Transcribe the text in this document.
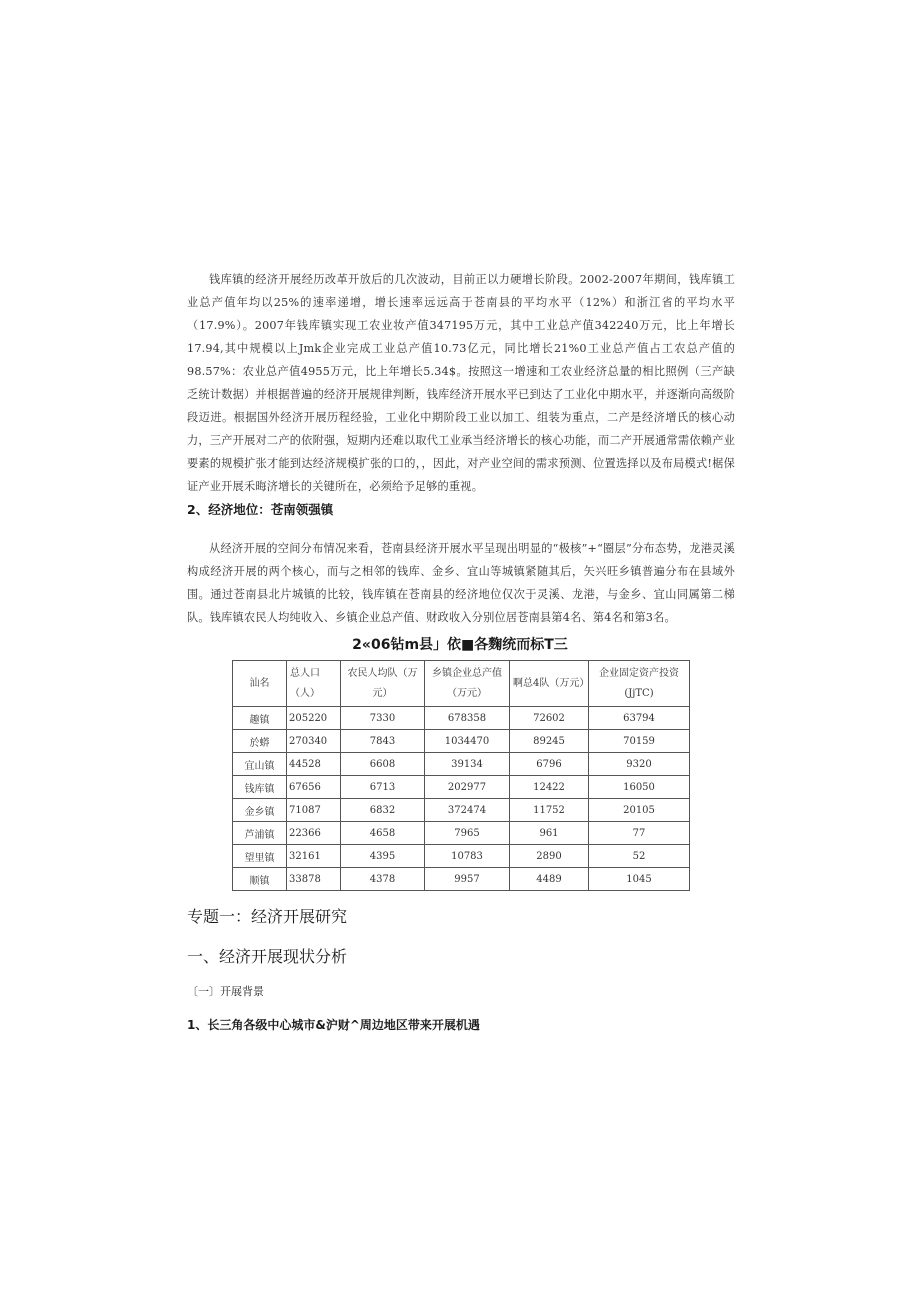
钱库镇的经济开展经历改革开放后的几次波动，目前正以力硬增长阶段。2002-2007年期间，钱库镇工业总产值年均以25%的速率递增，增长速率远远高于苍南县的平均水平（12%）和浙江省的平均水平（17.9%）。2007年钱库镇实现工农业妆产值347195万元，其中工业总产值342240万元，比上年增长17.94,其中规模以上Jmk企业完成工业总产值10.73亿元，同比增长21%0工业总产值占工农总产值的98.57%：农业总产值4955万元，比上年增长5.34$。按照这一增速和工农业经济总量的相比照例（三产缺乏统计数据）并根据普遍的经济开展规律判断，钱库经济开展水平已到达了工业化中期水平，并逐渐向高级阶段迈进。根据国外经济开展历程经验，工业化中期阶段工业以加工、组装为重点，二产是经济增氏的核心动力，三产开展对二产的依附强，短期内还难以取代工业承当经济增长的核心功能，而二产开展通常需依赖产业要素的规模扩张才能到达经济规模扩张的口的，，因此，对产业空间的需求预测、位置选择以及布局模式!椐保证产业开展禾晦济增长的关键所在，必须给予足够的重视。
2、经济地位：苍南领强镇
从经济开展的空间分布情况来看，苍南县经济开展水平呈现出明显的“极核”+“圈层”分布态势，龙港灵溪构成经济开展的两个核心，而与之相邻的钱库、金乡、宜山等城镇紧随其后，矢兴旺乡镇普遍分布在县域外围。通过苍南县北片城镇的比较，钱库镇在苍南县的经济地位仅次于灵溪、龙港，与金乡、宜山同属第二梯队。钱库镇农民人均纯收入、乡镇企业总产值、财政收入分别位居苍南县第4名、第4名和第3名。
2«06钻m县」依■各麴统而标T三
汕名	总人口（人）	农民人均队（万元）	乡镇企业总产值（万元）	啊总4队（万元）	企业固定资产投资(JjTC)
趣镇	205220	7330	678358	72602	63794
於蟒	270340	7843	1034470	89245	70159
宜山镇	44528	6608	39134	6796	9320
钱库镇	67656	6713	202977	12422	16050
金乡镇	71087	6832	372474	11752	20105
芦浦镇	22366	4658	7965	961	77
望里镇	32161	4395	10783	2890	52
顺镇	33878	4378	9957	4489	1045
专题一：经济开展研究
一、经济开展现状分析
〔一〕开展背景
1、长三角各级中心城市&沪财^周边地区带来开展机遇
